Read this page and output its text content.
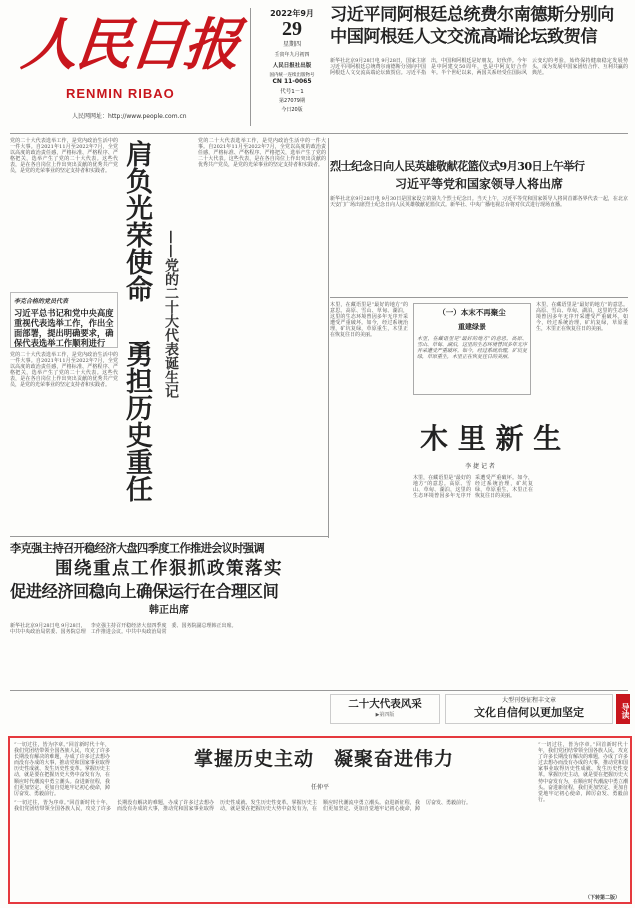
人民日报
RENMIN RIBAO
人民网网址：http://www.people.com.cn
2022年9月
29
星期四
壬寅年九月初四
人民日报社出版
国内统一连续出版物号
CN 11-0065
代号1－1
第27079期
今日20版
习近平同阿根廷总统费尔南德斯分别向
中国阿根廷人文交流高端论坛致贺信
新华社北京9月28日电 9月28日，国家主席习近平同阿根廷总统费尔南德斯分别向中国阿根廷人文交流高端论坛致贺信。习近平指出，中国和阿根廷是好朋友、好伙伴。今年是中阿建交50周年，也是中阿友好合作年。半个世纪以来，两国关系经受住国际风云变幻的考验，始终保持健康稳定发展势头，成为发展中国家团结合作、互利共赢的典范。
烈士纪念日向人民英雄敬献花篮仪式9月30日上午举行
习近平等党和国家领导人将出席
新华社北京9月28日电 9月30日是国家设立的第九个烈士纪念日。当天上午，习近平等党和国家领导人将同首都各界代表一起，在北京天安门广场出席烈士纪念日向人民英雄敬献花篮仪式。新华社、中央广播电视总台将对仪式进行现场直播。
党的二十大代表选举工作，是党内政治生活中的一件大事。自2021年11月至2022年7月，全党以高度的政治责任感，严格标准、严格程序、严格把关，选举产生了党的二十大代表。这些代表，是在各自岗位上作出突出贡献的优秀共产党员，是党的光荣事业的坚定支持者和实践者。
李克合格的党员代表
习近平总书记和党中央高度重视代表选举工作，作出全面部署，提出明确要求，确保代表选举工作顺利进行
党的二十大代表选举工作，是党内政治生活中的一件大事。自2021年11月至2022年7月，全党以高度的政治责任感，严格标准、严格程序、严格把关，选举产生了党的二十大代表。这些代表，是在各自岗位上作出突出贡献的优秀共产党员，是党的光荣事业的坚定支持者和实践者。
肩负光荣使命
勇担历史重任
——党的二十大代表诞生记
党的二十大代表选举工作，是党内政治生活中的一件大事。自2021年11月至2022年7月，全党以高度的政治责任感，严格标准、严格程序、严格把关，选举产生了党的二十大代表。这些代表，是在各自岗位上作出突出贡献的优秀共产党员，是党的光荣事业的坚定支持者和实践者。
李克强主持召开稳经济大盘四季度工作推进会议时强调
围绕重点工作狠抓政策落实
促进经济回稳向上确保运行在合理区间
韩正出席
新华社北京9月28日电 9月28日，中共中央政治局常委、国务院总理李克强主持召开稳经济大盘四季度工作推进会议。中共中央政治局常委、国务院副总理韩正出席。
木里，在藏语里是“最好的地方”的意思。高原、雪山、草甸、湖泊，这里的生态环境曾因多年无序开采遭受严重破坏。如今，经过系统治理，矿坑复绿，草原重生，木里正在恢复往日的美丽。
（一）本末不再聚尘
重建绿景
木里，在藏语里是“最好的地方”的意思。高原、雪山、草甸、湖泊，这里的生态环境曾因多年无序开采遭受严重破坏。如今，经过系统治理，矿坑复绿，草原重生，木里正在恢复往日的美丽。
木 里 新 生
李 捷 记 者
木里，在藏语里是“最好的地方”的意思。高原、雪山、草甸、湖泊，这里的生态环境曾因多年无序开采遭受严重破坏。如今，经过系统治理，矿坑复绿，草原重生，木里正在恢复往日的美丽。
木里，在藏语里是“最好的地方”的意思。高原、雪山、草甸、湖泊，这里的生态环境曾因多年无序开采遭受严重破坏。如今，经过系统治理，矿坑复绿，草原重生，木里正在恢复往日的美丽。
二十大代表风采
▶第四版
大型刊登征程丰文章
文化自信何以更加坚定	导读
“一切过往，皆为序章。”回首新时代十年，我们党团结带领全国各族人民，攻克了许多长期没有解决的难题，办成了许多过去想办而没有办成的大事，推动党和国家事业取得历史性成就、发生历史性变革。掌握历史主动，就是要在把握历史大势中奋发有为，在顺应时代潮流中勇立潮头。奋进新征程，我们更加坚定、更加自觉地牢记初心使命，踔厉奋发、勇毅前行。
掌握历史主动　凝聚奋进伟力
任仲平
“一切过往，皆为序章。”回首新时代十年，我们党团结带领全国各族人民，攻克了许多长期没有解决的难题，办成了许多过去想办而没有办成的大事，推动党和国家事业取得历史性成就、发生历史性变革。掌握历史主动，就是要在把握历史大势中奋发有为，在顺应时代潮流中勇立潮头。奋进新征程，我们更加坚定、更加自觉地牢记初心使命，踔厉奋发、勇毅前行。
“一切过往，皆为序章。”回首新时代十年，我们党团结带领全国各族人民，攻克了许多长期没有解决的难题，办成了许多过去想办而没有办成的大事，推动党和国家事业取得历史性成就、发生历史性变革。掌握历史主动，就是要在把握历史大势中奋发有为，在顺应时代潮流中勇立潮头。奋进新征程，我们更加坚定、更加自觉地牢记初心使命，踔厉奋发、勇毅前行。
（下转第二版）
